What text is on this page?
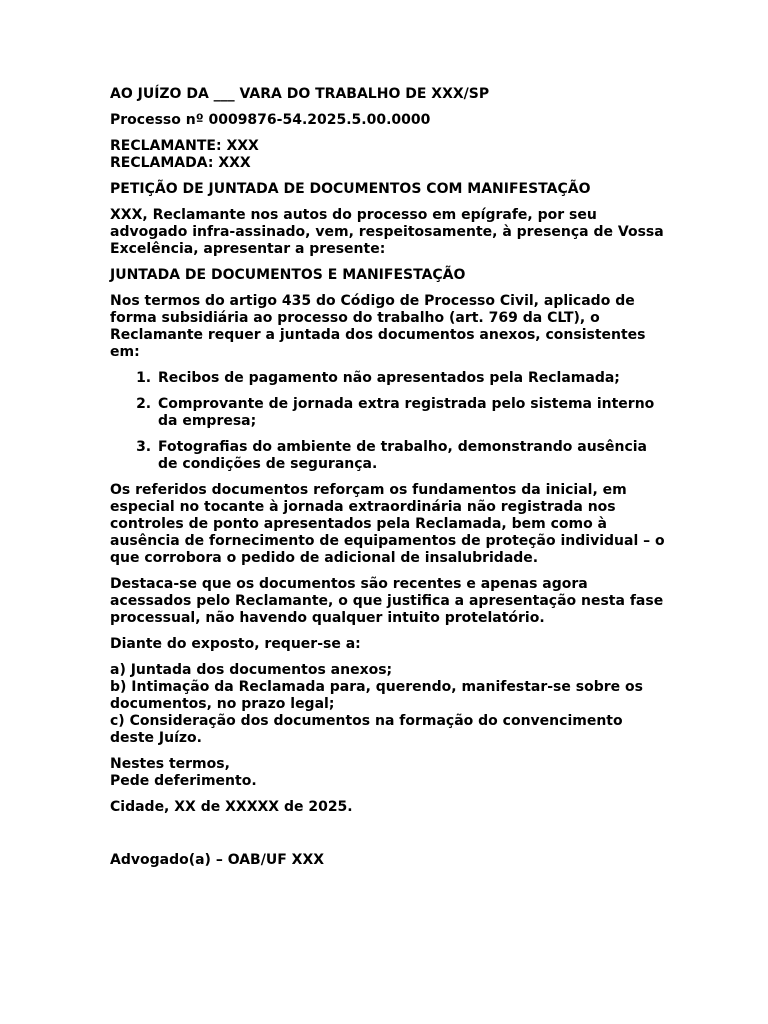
AO JUÍZO DA ___ VARA DO TRABALHO DE XXX/SP

Processo nº 0009876-54.2025.5.00.0000

RECLAMANTE: XXX

RECLAMADA: XXX

PETIÇÃO DE JUNTADA DE DOCUMENTOS COM MANIFESTAÇÃO

XXX, Reclamante nos autos do processo em epígrafe, por seu advogado infra-assinado, vem, respeitosamente, à presença de Vossa Excelência, apresentar a presente:

JUNTADA DE DOCUMENTOS E MANIFESTAÇÃO

Nos termos do artigo 435 do Código de Processo Civil, aplicado de forma subsidiária ao processo do trabalho (art. 769 da CLT), o Reclamante requer a juntada dos documentos anexos, consistentes em:

1. Recibos de pagamento não apresentados pela Reclamada;
2. Comprovante de jornada extra registrada pelo sistema interno da empresa;
3. Fotografias do ambiente de trabalho, demonstrando ausência de condições de segurança.

Os referidos documentos reforçam os fundamentos da inicial, em especial no tocante à jornada extraordinária não registrada nos controles de ponto apresentados pela Reclamada, bem como à ausência de fornecimento de equipamentos de proteção individual – o que corrobora o pedido de adicional de insalubridade.

Destaca-se que os documentos são recentes e apenas agora acessados pelo Reclamante, o que justifica a apresentação nesta fase processual, não havendo qualquer intuito protelatório.

Diante do exposto, requer-se a:

a) Juntada dos documentos anexos;

b) Intimação da Reclamada para, querendo, manifestar-se sobre os documentos, no prazo legal;

c) Consideração dos documentos na formação do convencimento deste Juízo.

Nestes termos,

Pede deferimento.

Cidade, XX de XXXXX de 2025.

Advogado(a) – OAB/UF XXX
